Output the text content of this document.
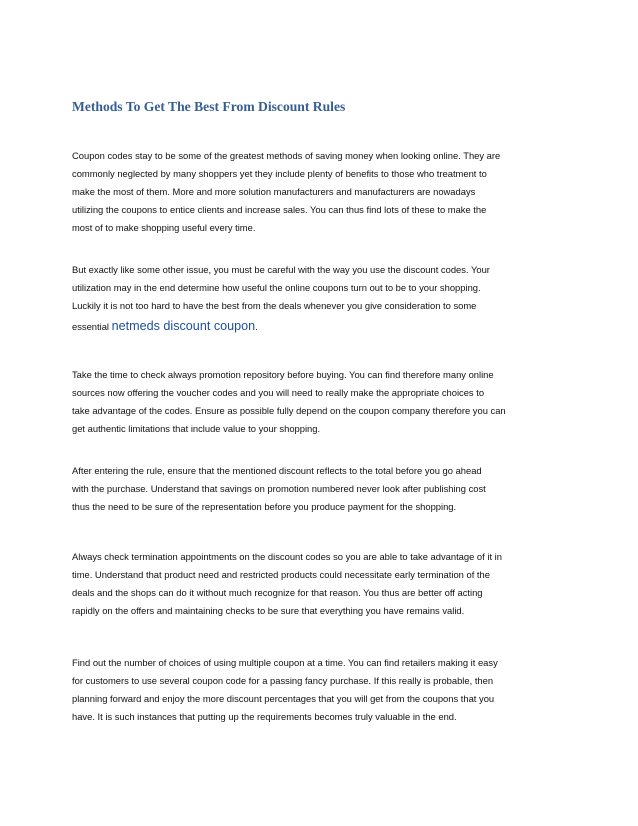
Methods To Get The Best From Discount Rules

Coupon codes stay to be some of the greatest methods of saving money when looking online. They are
commonly neglected by many shoppers yet they include plenty of benefits to those who treatment to
make the most of them. More and more solution manufacturers and manufacturers are nowadays
utilizing the coupons to entice clients and increase sales. You can thus find lots of these to make the
most of to make shopping useful every time.

But exactly like some other issue, you must be careful with the way you use the discount codes. Your
utilization may in the end determine how useful the online coupons turn out to be to your shopping.
Luckily it is not too hard to have the best from the deals whenever you give consideration to some
essential netmeds discount coupon.

Take the time to check always promotion repository before buying. You can find therefore many online
sources now offering the voucher codes and you will need to really make the appropriate choices to
take advantage of the codes. Ensure as possible fully depend on the coupon company therefore you can
get authentic limitations that include value to your shopping.

After entering the rule, ensure that the mentioned discount reflects to the total before you go ahead
with the purchase. Understand that savings on promotion numbered never look after publishing cost
thus the need to be sure of the representation before you produce payment for the shopping.

Always check termination appointments on the discount codes so you are able to take advantage of it in
time. Understand that product need and restricted products could necessitate early termination of the
deals and the shops can do it without much recognize for that reason. You thus are better off acting
rapidly on the offers and maintaining checks to be sure that everything you have remains valid.

Find out the number of choices of using multiple coupon at a time. You can find retailers making it easy
for customers to use several coupon code for a passing fancy purchase. If this really is probable, then
planning forward and enjoy the more discount percentages that you will get from the coupons that you
have. It is such instances that putting up the requirements becomes truly valuable in the end.
